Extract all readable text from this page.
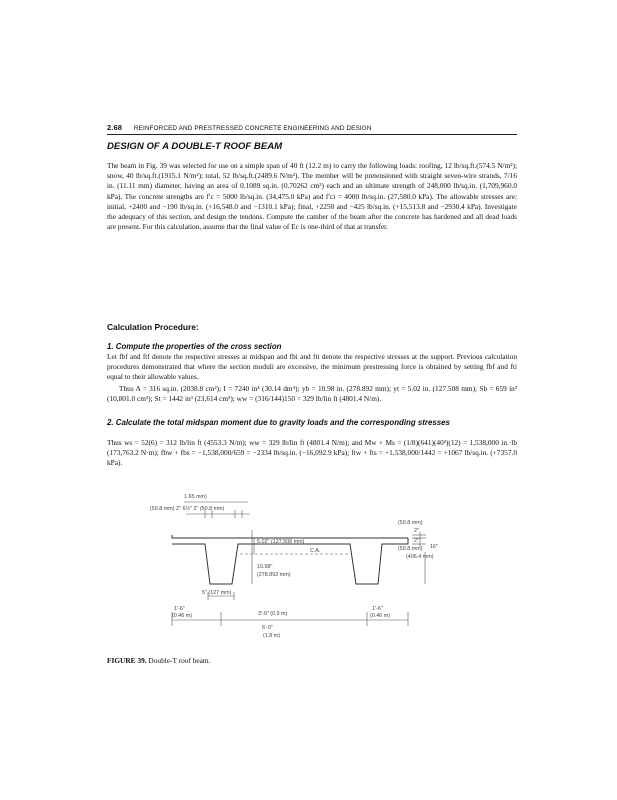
2.68 REINFORCED AND PRESTRESSED CONCRETE ENGINEERING AND DESIGN
DESIGN OF A DOUBLE-T ROOF BEAM

The beam in Fig. 39 was selected for use on a simple span of 40 ft (12.2 m) to carry the following loads: roofing, 12 lb/sq.ft.(574.5 N/m²); snow, 40 lb/sq.ft.(1915.1 N/m²); total, 52 lb/sq.ft.(2489.6 N/m²). The member will be pretensioned with straight seven-wire strands, 7/16 in. (11.11 mm) diameter, having an area of 0.1089 sq.in. (0.70262 cm²) each and an ultimate strength of 248,000 lb/sq.in. (1,709,960.0 kPa). The concrete strengths are f′c = 5000 lb/sq.in. (34,475.0 kPa) and f′ci = 4000 lb/sq.in. (27,580.0 kPa). The allowable stresses are: initial, +2400 and −190 lb/sq.in. (+16,548.0 and −1310.1 kPa); final, +2250 and −425 lb/sq.in. (+15,513.8 and −2930.4 kPa). Investigate the adequacy of this section, and design the tendons. Compute the camber of the beam after the concrete has hardened and all dead loads are present. For this calculation, assume that the final value of Ec is one-third of that at transfer.

Calculation Procedure:

1. Compute the properties of the cross section

Let fbf and ftf denote the respective stresses at midspan and fbi and fti denote the respective stresses at the support. Previous calculation procedures demonstrated that where the section moduli are excessive, the minimum prestressing force is obtained by setting fbf and fti equal to their allowable values.

Thus A = 316 sq.in. (2038.8 cm²); I = 7240 in⁴ (30.14 dm⁴); yb = 10.98 in. (278.892 mm); yt = 5.02 in. (127.508 mm); Sb = 659 in³ (10,801.0 cm³); St = 1442 in³ (23,614 cm³); ww = (316/144)150 = 329 lb/lin ft (4801.4 N/m).

2. Calculate the total midspan moment due to gravity loads and the corresponding stresses

Thus ws = 52(6) = 312 lb/lin ft (4553.3 N/m); ww = 329 lb/lin ft (4801.4 N/m); and Mw + Ms = (1/8)(641)(40²)(12) = 1,538,000 in.·lb (173,763.2 N·m); fbw + fbs = −1,538,000/659 = −2334 lb/sq.in. (−16,092.9 kPa); ftw + fts = +1,538,000/1442 = +1067 lb/sq.in. (+7357.0 kPa).

1 65 mm)
(50.8 mm) 2" 6½" 2" (50.8 mm)
(50.8 mm)
2"
2"
5.02" (127.508 mm)
C.A.
10.98"
(278.892 mm)
(50.8 mm) 16"
(406.4 mm)
5" (127 mm)
1'-6"
(0.46 m)	3'-0" (0.9 m)
1'-6"
(0.46 m)
6'-0"
(1.8 m)
FIGURE 39. Double-T roof beam.
